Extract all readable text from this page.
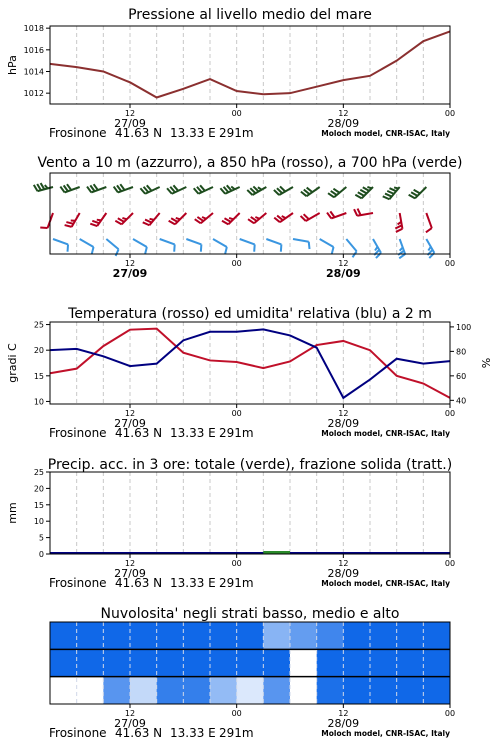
Pressione al livello medio del mare
1012
1014
1016
1018
hPa
12	00	12	00
27/09	28/09
Frosinone 41.63 N 13.33 E 291m	Moloch model, CNR-ISAC, Italy
Vento a 10 m (azzurro), a 850 hPa (rosso), a 700 hPa (verde)
12	00	12	00
27/09	28/09
Temperatura (rosso) ed umidita' relativa (blu) a 2 m
10
15
20
25
gradi C
40
60
80
100
%
12	00	12	00
27/09	28/09
Frosinone 41.63 N 13.33 E 291m	Moloch model, CNR-ISAC, Italy
Precip. acc. in 3 ore: totale (verde), frazione solida (tratt.)
0
5
10
15
20
25
mm
12	00	12	00
27/09	28/09
Frosinone 41.63 N 13.33 E 291m	Moloch model, CNR-ISAC, Italy
Nuvolosita' negli strati basso, medio e alto
12	00	12	00
27/09	28/09
Frosinone 41.63 N 13.33 E 291m	Moloch model, CNR-ISAC, Italy
